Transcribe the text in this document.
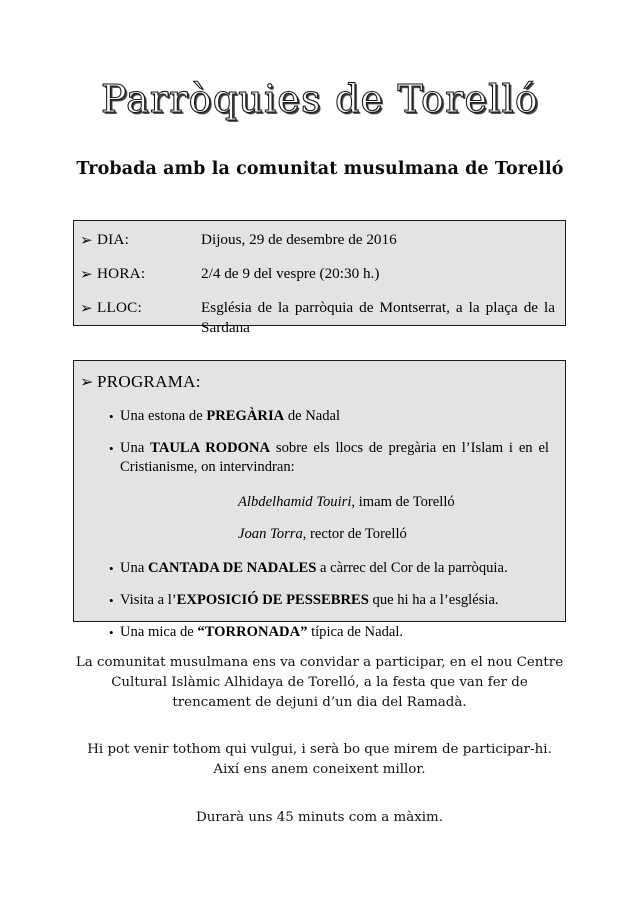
Parròquies de Torelló
Trobada amb la comunitat musulmana de Torelló
➢ DIA:	Dijous, 29 de desembre de 2016
➢ HORA:	2/4 de 9 del vespre (20:30 h.)
➢ LLOC:	Església de la parròquia de Montserrat, a la plaça de la Sardana
➢ PROGRAMA:
• Una estona de PREGÀRIA de Nadal
• Una TAULA RODONA sobre els llocs de pregària en l’Islam i en el Cristianisme, on intervindran:
Albdelhamid Touiri, imam de Torelló
Joan Torra, rector de Torelló
• Una CANTADA DE NADALES a càrrec del Cor de la parròquia.
• Visita a l’EXPOSICIÓ DE PESSEBRES que hi ha a l’església.
• Una mica de “TORRONADA” típica de Nadal.
La comunitat musulmana ens va convidar a participar, en el nou Centre Cultural Islàmic Alhidaya de Torelló, a la festa que van fer de trencament de dejuni d’un dia del Ramadà.
Hi pot venir tothom qui vulgui, i serà bo que mirem de participar-hi. Així ens anem coneixent millor.
Durarà uns 45 minuts com a màxim.
